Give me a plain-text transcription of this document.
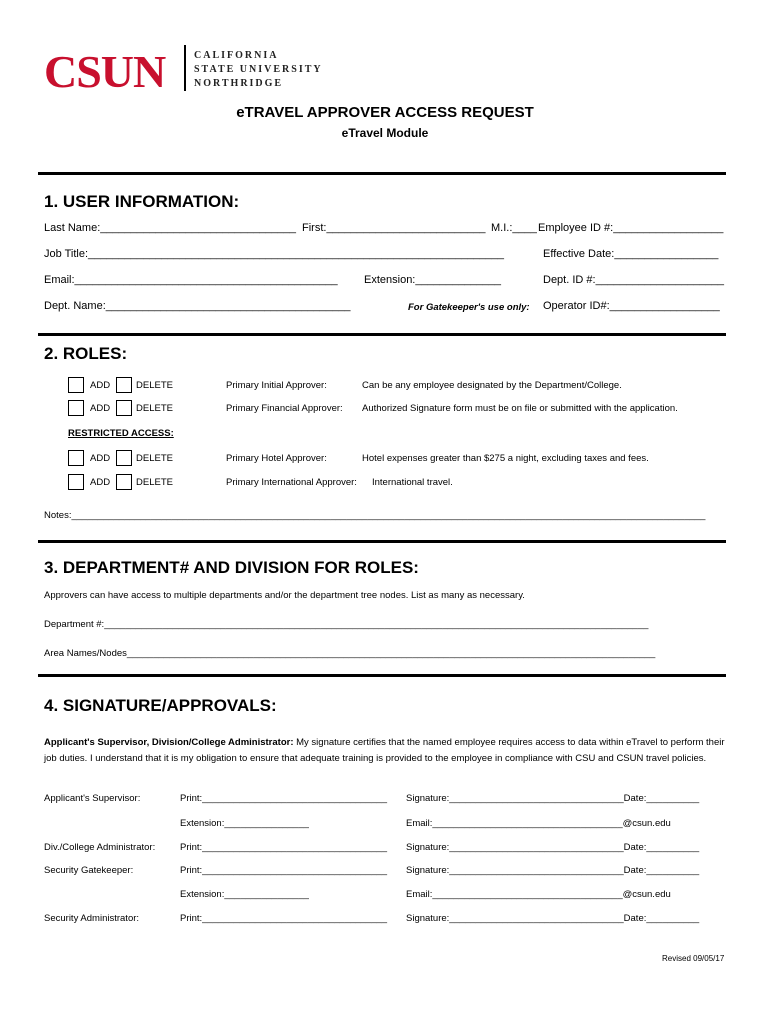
CSUN	CALIFORNIA
STATE UNIVERSITY
NORTHRIDGE
eTRAVEL APPROVER ACCESS REQUEST
eTravel Module
1. USER INFORMATION:
Last Name:________________________________ First:__________________________ M.I.:____ Employee ID #:__________________
Job Title:____________________________________________________________________	Effective Date:_________________
Email:___________________________________________ Extension:______________	Dept. ID #:_____________________
Dept. Name:________________________________________	For Gatekeeper's use only: Operator ID#:__________________
2. ROLES:
ADD	DELETE	Primary Initial Approver:	Can be any employee designated by the Department/College.
ADD	DELETE	Primary Financial Approver: Authorized Signature form must be on file or submitted with the application.
RESTRICTED ACCESS:
ADD	DELETE	Primary Hotel Approver:	Hotel expenses greater than $275 a night, excluding taxes and fees.
ADD	DELETE	Primary International Approver: International travel.
Notes:________________________________________________________________________________________________________________________
3. DEPARTMENT# AND DIVISION FOR ROLES:
Approvers can have access to multiple departments and/or the department tree nodes. List as many as necessary.
Department #:_______________________________________________________________________________________________________
Area Names/Nodes____________________________________________________________________________________________________
4. SIGNATURE/APPROVALS:
Applicant's Supervisor, Division/College Administrator: My signature certifies that the named employee requires access to data within eTravel to perform their job duties. I understand that it is my obligation to ensure that adequate training is provided to the employee in compliance with CSU and CSUN travel policies.
Applicant's Supervisor:	Print:___________________________________	Signature:_________________________________Date:__________
Extension:________________	Email:____________________________________@csun.edu
Div./College Administrator:	Print:___________________________________	Signature:_________________________________Date:__________
Security Gatekeeper:	Print:___________________________________	Signature:_________________________________Date:__________
Extension:________________	Email:____________________________________@csun.edu
Security Administrator:	Print:___________________________________	Signature:_________________________________Date:__________
Revised 09/05/17
